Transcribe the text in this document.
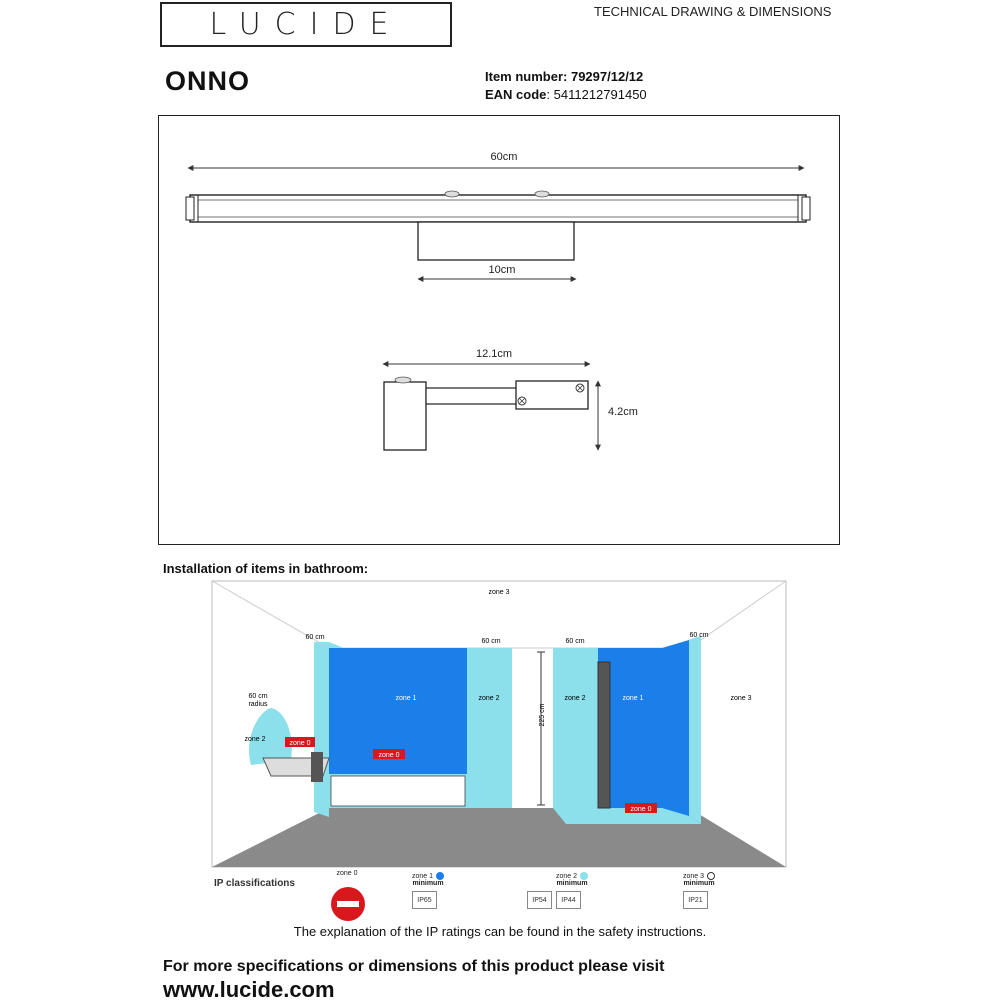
LUCIDE	TECHNICAL DRAWING & DIMENSIONS
ONNO	Item number: 79297/12/12
EAN code: 5411212791450
60cm
10cm
12.1cm
4.2cm
Installation of items in bathroom:
zone 3
zone 3
zone 1	zone 2	zone 2	zone 1
zone 2
zone 0
zone 0
zone 0
60 cm
60 cm	60 cm
60 cm
60 cm
radius	225 cm
IP classifications
zone 0	zone 1
minimum
IP65
zone 2
minimum
IP54	IP44
zone 3
minimum
IP21
The explanation of the IP ratings can be found in the safety instructions.
For more specifications or dimensions of this product please visit
www.lucide.com
